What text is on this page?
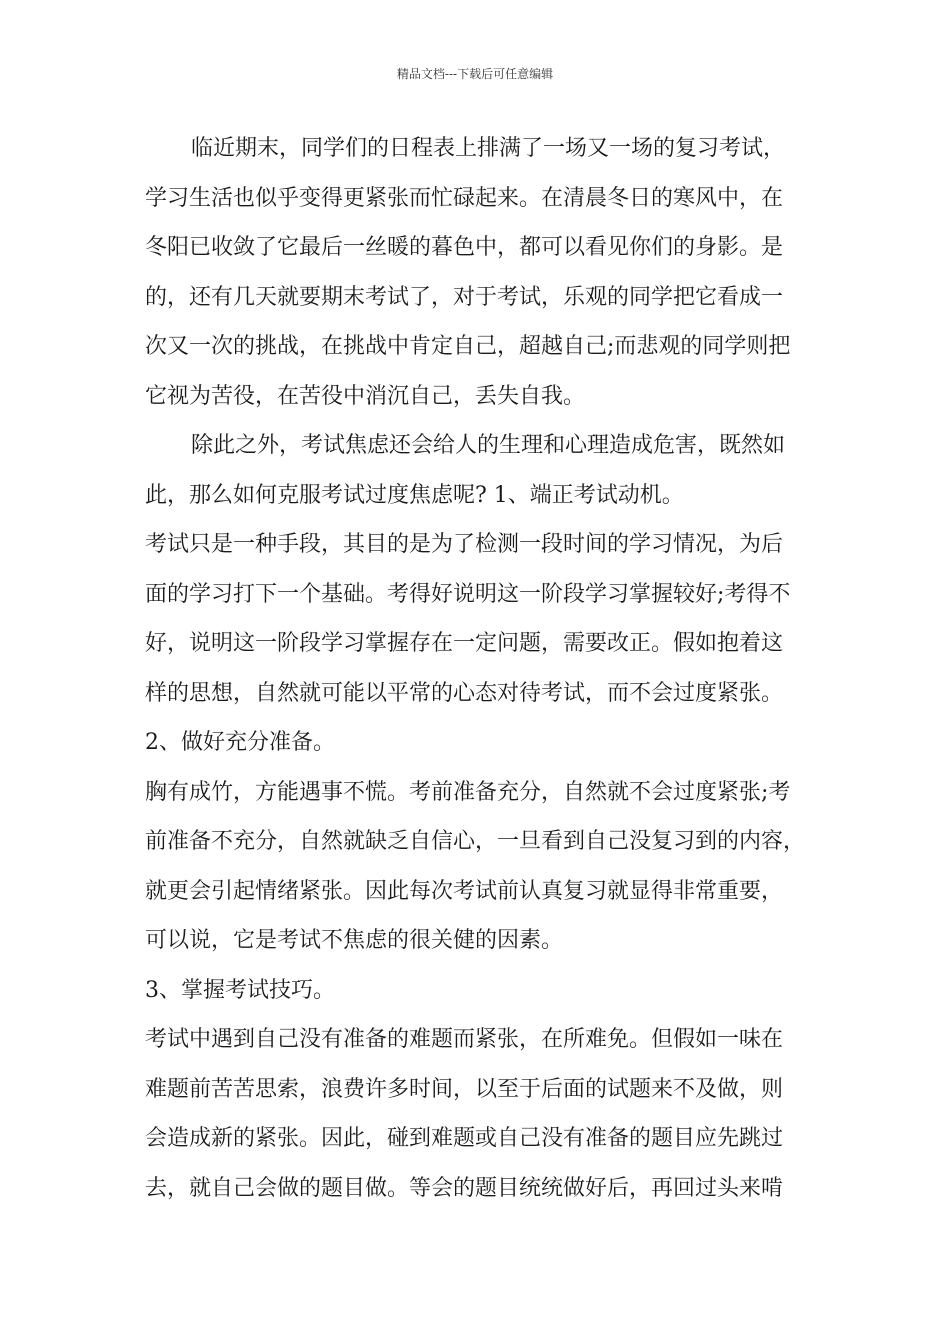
精品文档---下载后可任意编辑
临近期末，同学们的日程表上排满了一场又一场的复习考试，
学习生活也似乎变得更紧张而忙碌起来。在清晨冬日的寒风中，在
冬阳已收敛了它最后一丝暖的暮色中，都可以看见你们的身影。是
的，还有几天就要期末考试了，对于考试，乐观的同学把它看成一
次又一次的挑战，在挑战中肯定自己，超越自己;而悲观的同学则把
它视为苦役，在苦役中消沉自己，丢失自我。
除此之外，考试焦虑还会给人的生理和心理造成危害，既然如
此，那么如何克服考试过度焦虑呢? 1、端正考试动机。
考试只是一种手段，其目的是为了检测一段时间的学习情况，为后
面的学习打下一个基础。考得好说明这一阶段学习掌握较好;考得不
好，说明这一阶段学习掌握存在一定问题，需要改正。假如抱着这
样的思想，自然就可能以平常的心态对待考试，而不会过度紧张。
2、做好充分准备。
胸有成竹，方能遇事不慌。考前准备充分，自然就不会过度紧张;考
前准备不充分，自然就缺乏自信心，一旦看到自己没复习到的内容，
就更会引起情绪紧张。因此每次考试前认真复习就显得非常重要，
可以说，它是考试不焦虑的很关健的因素。
3、掌握考试技巧。
考试中遇到自己没有准备的难题而紧张，在所难免。但假如一味在
难题前苦苦思索，浪费许多时间，以至于后面的试题来不及做，则
会造成新的紧张。因此，碰到难题或自己没有准备的题目应先跳过
去，就自己会做的题目做。等会的题目统统做好后，再回过头来啃
